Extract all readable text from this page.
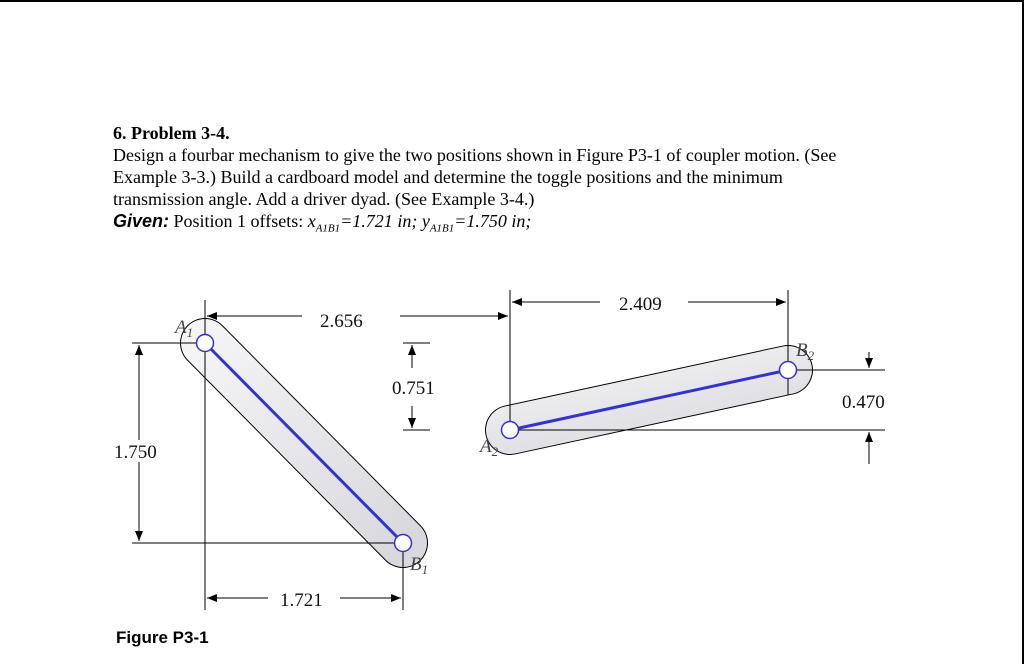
6. Problem 3-4.

Design a fourbar mechanism to give the two positions shown in Figure P3-1 of coupler motion. (See Example 3-3.) Build a cardboard model and determine the toggle positions and the minimum transmission angle. Add a driver dyad. (See Example 3-4.)

Given: Position 1 offsets: $x_{A1B1}=1.721$ in; $y_{A1B1}=1.750$ in;

$A_1$
$B_1$
$A_2$
$B_2$
2.656
2.409
0.751
0.470
1.750
1.721
Figure P3-1
